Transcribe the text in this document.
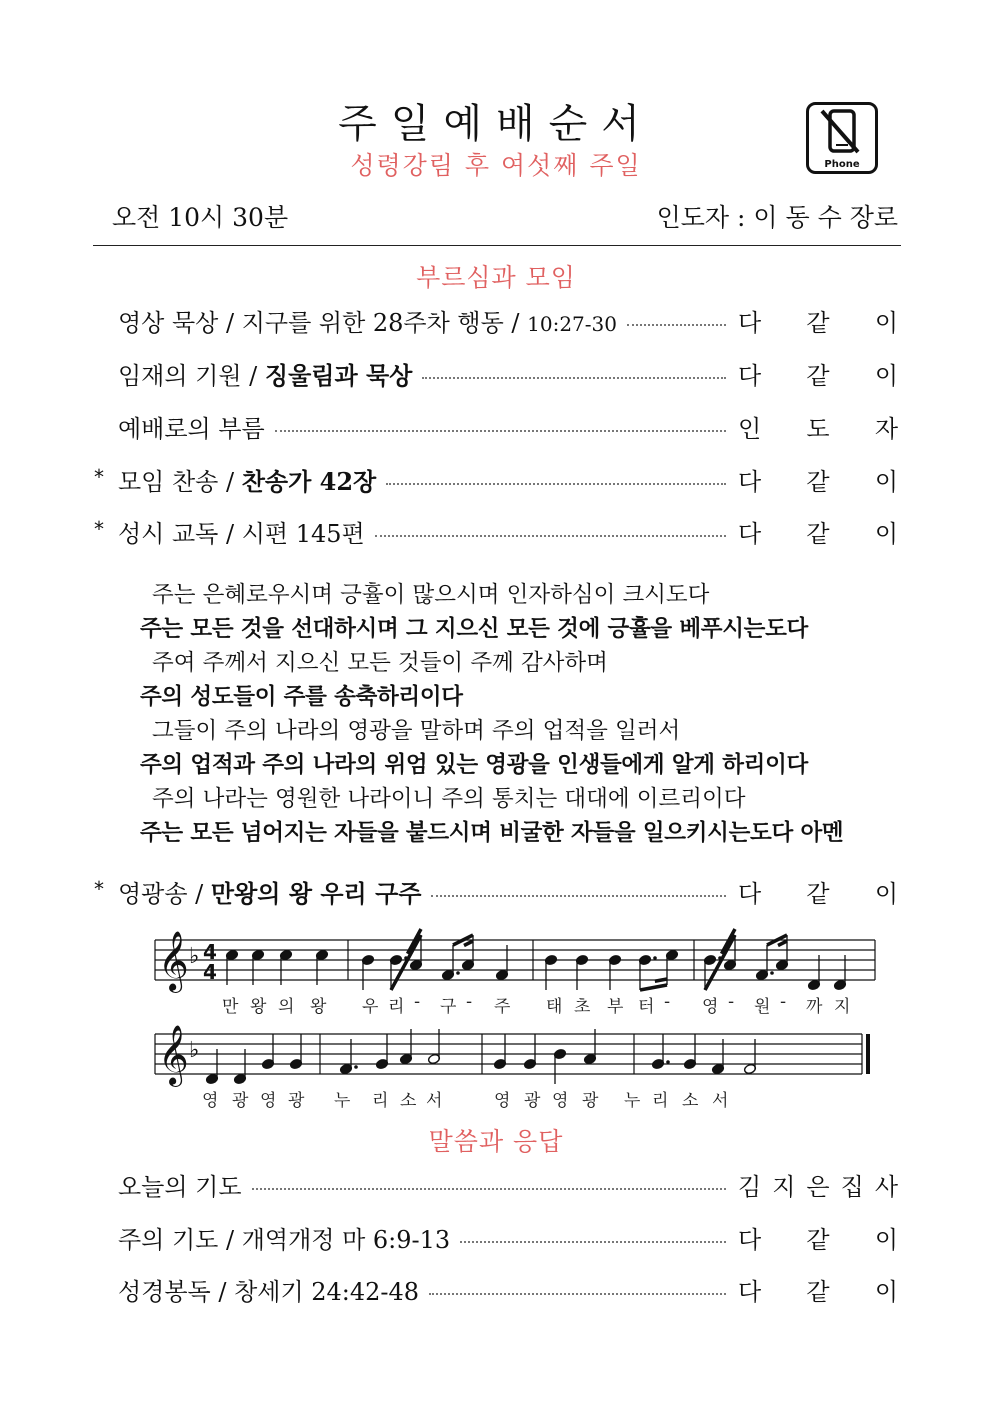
주일예배순서
성령강림 후 여섯째 주일	Phone
오전 10시 30분	인도자 : 이 동 수 장로
부르심과 모임
영상 묵상 / 지구를 위한 28주차 행동 / 10:27-30	다 같 이
임재의 기원 / 징울림과 묵상	다 같 이
예배로의 부름	인 도 자
* 모임 찬송 / 찬송가 42장	다 같 이
* 성시 교독 / 시편 145편	다 같 이
주는 은혜로우시며 긍휼이 많으시며 인자하심이 크시도다
주는 모든 것을 선대하시며 그 지으신 모든 것에 긍휼을 베푸시는도다
주여 주께서 지으신 모든 것들이 주께 감사하며
주의 성도들이 주를 송축하리이다
그들이 주의 나라의 영광을 말하며 주의 업적을 일러서
주의 업적과 주의 나라의 위엄 있는 영광을 인생들에게 알게 하리이다
주의 나라는 영원한 나라이니 주의 통치는 대대에 이르리이다
주는 모든 넘어지는 자들을 붙드시며 비굴한 자들을 일으키시는도다 아멘
* 영광송 / 만왕의 왕 우리 구주	다 같 이
𝄞 ♭ 4
4
𝄞 ♭
만 왕 의 왕 우 리 - 구 - 주 태 초 부 터 - 영 - 원 - 까 지
영 광 영 광 누 리 소 서	영 광 영 광 누 리 소 서
말씀과 응답
오늘의 기도	김 지 은 집 사
주의 기도 / 개역개정 마 6:9-13	다 같 이
성경봉독 / 창세기 24:42-48	다 같 이
